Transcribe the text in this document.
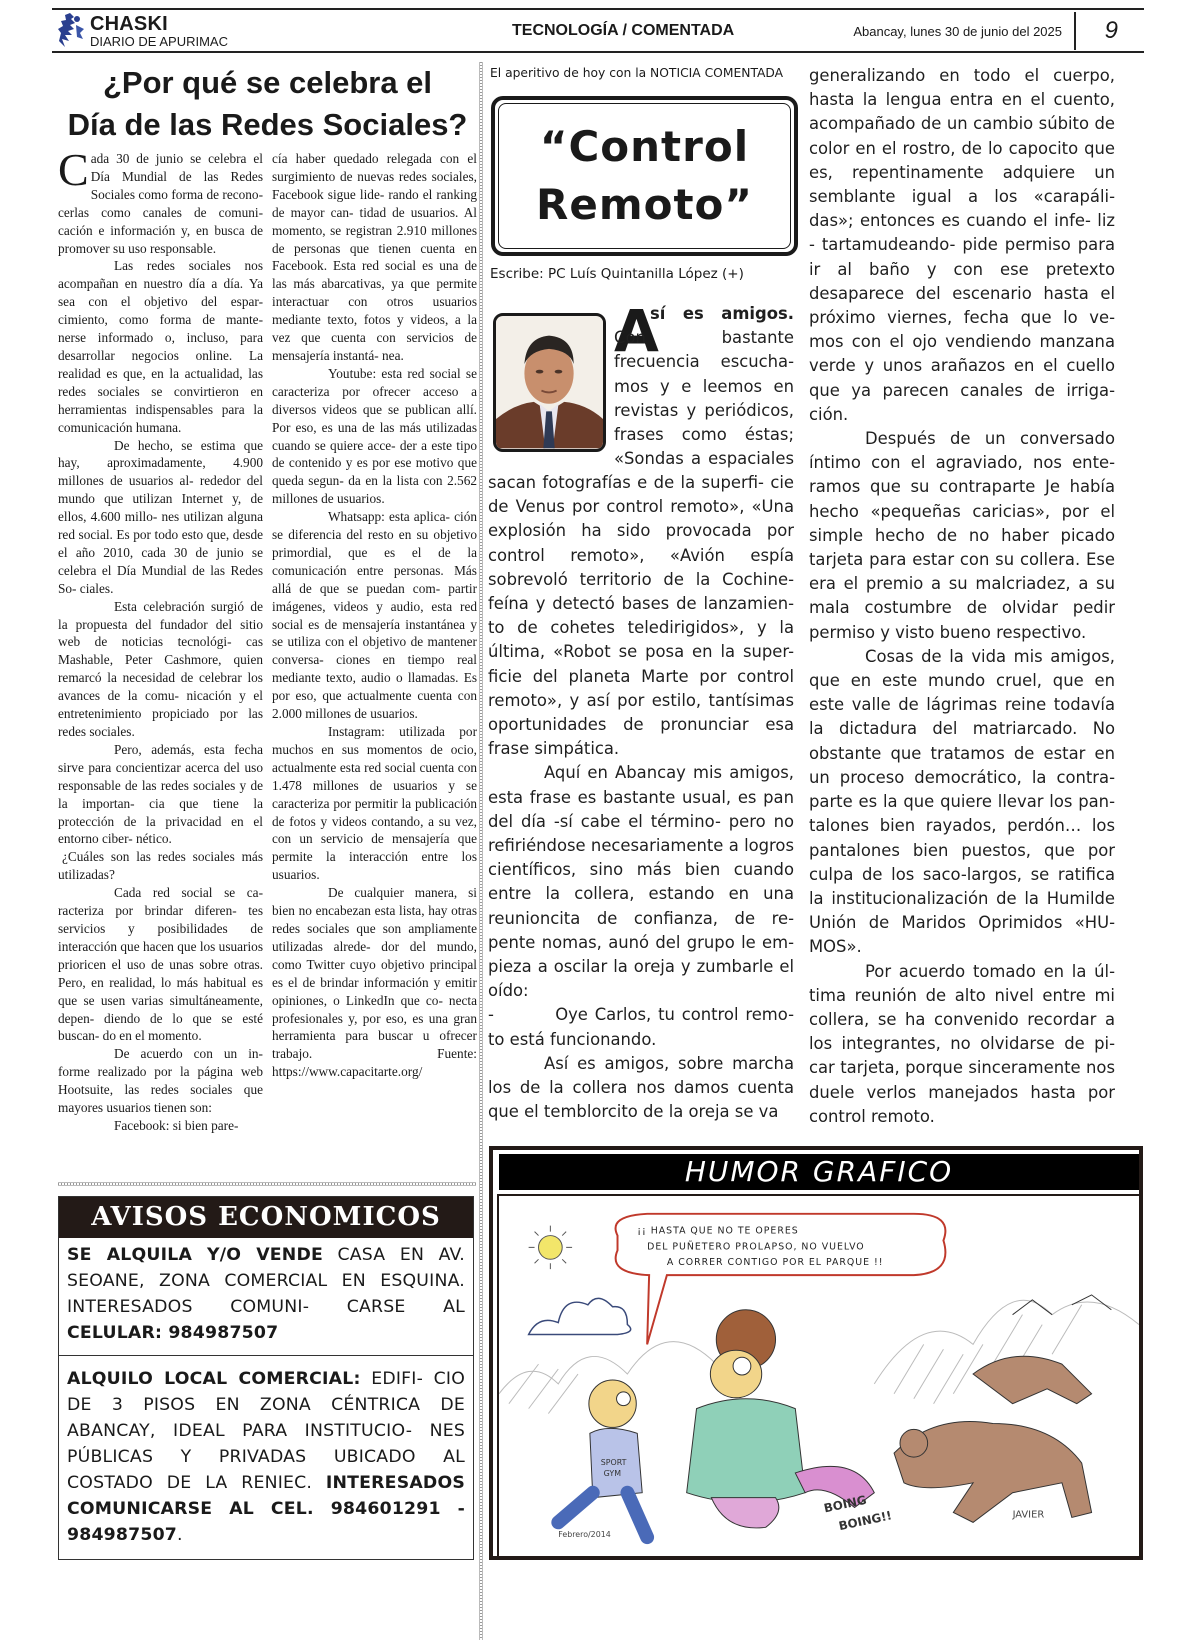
CHASKI
DIARIO DE APURIMAC
TECNOLOGÍA / COMENTADA	Abancay, lunes 30 de junio del 2025 9
¿Por qué se celebra el
Día de las Redes Sociales?

Cada 30 de junio se celebra el Día Mundial de las Redes Sociales como forma de recono- cerlas como canales de comuni- cación e información y, en busca de promover su uso responsable.

Las redes sociales nos acompañan en nuestro día a día. Ya sea con el objetivo del espar- cimiento, como forma de mante- nerse informado o, incluso, para desarrollar negocios online. La realidad es que, en la actualidad, las redes sociales se convirtieron en herramientas indispensables para la comunicación humana.

De hecho, se estima que hay, aproximadamente, 4.900 millones de usuarios al- rededor del mundo que utilizan Internet y, de ellos, 4.600 millo- nes utilizan alguna red social. Es por todo esto que, desde el año 2010, cada 30 de junio se celebra el Día Mundial de las Redes So- ciales.

Esta celebración surgió de la propuesta del fundador del sitio web de noticias tecnológi- cas Mashable, Peter Cashmore, quien remarcó la necesidad de celebrar los avances de la comu- nicación y el entretenimiento propiciado por las redes sociales.

Pero, además, esta fecha sirve para concientizar acerca del uso responsable de las redes sociales y de la importan- cia que tiene la protección de la privacidad en el entorno ciber- nético.

¿Cuáles son las redes sociales más utilizadas?

Cada red social se ca- racteriza por brindar diferen- tes servicios y posibilidades de interacción que hacen que los usuarios prioricen el uso de unas sobre otras. Pero, en realidad, lo más habitual es que se usen varias simultáneamente, depen- diendo de lo que se esté buscan- do en el momento.

De acuerdo con un in- forme realizado por la página web Hootsuite, las redes sociales que mayores usuarios tienen son:

Facebook: si bien pare-

cía haber quedado relegada con el surgimiento de nuevas redes sociales, Facebook sigue lide- rando el ranking de mayor can- tidad de usuarios. Al momento, se registran 2.910 millones de personas que tienen cuenta en Facebook. Esta red social es una de las más abarcativas, ya que permite interactuar con otros usuarios mediante texto, fotos y videos, a la vez que cuenta con servicios de mensajería instantá- nea.

Youtube: esta red social se caracteriza por ofrecer acceso a diversos videos que se publican allí. Por eso, es una de las más utilizadas cuando se quiere acce- der a este tipo de contenido y es por ese motivo que queda segun- da en la lista con 2.562 millones de usuarios.

Whatsapp: esta aplica- ción se diferencia del resto en su objetivo primordial, que es el de la comunicación entre personas. Más allá de que se puedan com- partir imágenes, videos y audio, esta red social es de mensajería instantánea y se utiliza con el objetivo de mantener conversa- ciones en tiempo real mediante texto, audio o llamadas. Es por eso, que actualmente cuenta con 2.000 millones de usuarios.

Instagram: utilizada por muchos en sus momentos de ocio, actualmente esta red social cuenta con 1.478 millones de usuarios y se caracteriza por permitir la publicación de fotos y videos contando, a su vez, con un servicio de mensajería que permite la interacción entre los usuarios.

De cualquier manera, si bien no encabezan esta lista, hay otras redes sociales que son ampliamente utilizadas alrede- dor del mundo, como Twitter cuyo objetivo principal es el de brindar información y emitir opiniones, o LinkedIn que co- necta profesionales y, por eso, es una gran herramienta para buscar u ofrecer trabajo. Fuente: https://www.capacitarte.org/

El aperitivo de hoy con la NOTICIA COMENTADA
“Control
Remoto”
Escribe: PC Luís Quintanilla López (+)
A
sí es amigos.
Con bastante
frecuencia escucha-
mos y e leemos en
revistas y periódicos,
frases como éstas;
«Sondas a espaciales

sacan fotografías e de la superfi- cie de Venus por control remoto», «Una explosión ha sido provocada por control remoto», «Avión espía sobrevoló territorio de la Cochine- feína y detectó bases de lanzamien- to de cohetes teledirigidos», y la última, «Robot se posa en la super- ficie del planeta Marte por control remoto», y así por estilo, tantísimas oportunidades de pronunciar esa frase simpática.

Aquí en Abancay mis amigos, esta frase es bastante usual, es pan del día -sí cabe el término- pero no refiriéndose necesariamente a logros científicos, sino más bien cuando entre la collera, estando en una reunioncita de confianza, de re- pente nomas, aunó del grupo le em- pieza a oscilar la oreja y zumbarle el oído:

-         Oye Carlos, tu control remo- to está funcionando.

Así es amigos, sobre marcha los de la collera nos damos cuenta que el temblorcito de la oreja se va

generalizando en todo el cuerpo, hasta la lengua entra en el cuento, acompañado de un cambio súbito de color en el rostro, de lo capocito que es, repentinamente adquiere un semblante igual a los «carapáli- das»; entonces es cuando el infe- liz - tartamudeando- pide permiso para ir al baño y con ese pretexto desaparece del escenario hasta el próximo viernes, fecha que lo ve- mos con el ojo vendiendo manzana verde y unos arañazos en el cuello que ya parecen canales de irriga- ción.

Después de un conversado íntimo con el agraviado, nos ente- ramos que su contraparte Je había hecho «pequeñas caricias», por el simple hecho de no haber picado tarjeta para estar con su collera. Ese era el premio a su malcriadez, a su mala costumbre de olvidar pedir permiso y visto bueno respectivo.

Cosas de la vida mis amigos, que en este mundo cruel, que en este valle de lágrimas reine todavía la dictadura del matriarcado. No obstante que tratamos de estar en un proceso democrático, la contra- parte es la que quiere llevar los pan- talones bien rayados, perdón… los pantalones bien puestos, que por culpa de los saco-largos, se ratifica la institucionalización de la Humilde Unión de Maridos Oprimidos «HU- MOS».

Por acuerdo tomado en la úl- tima reunión de alto nivel entre mi collera, se ha convenido recordar a los integrantes, no olvidarse de pi- car tarjeta, porque sinceramente nos duele verlos manejados hasta por control remoto.

AVISOS ECONOMICOS
SE ALQUILA Y/O VENDE CASA EN AV. SEOANE, ZONA COMERCIAL EN ESQUINA. INTERESADOS COMUNI- CARSE AL CELULAR: 984987507
ALQUILO LOCAL COMERCIAL: EDIFI- CIO DE 3 PISOS EN ZONA CÉNTRICA DE ABANCAY, IDEAL PARA INSTITUCIO- NES PÚBLICAS Y PRIVADAS UBICADO AL COSTADO DE LA RENIEC. INTERESADOS COMUNICARSE AL CEL. 984601291 - 984987507.
HUMOR GRAFICO
¡¡ HASTA QUE NO TE OPERES
DEL PUÑETERO PROLAPSO, NO VUELVO
A CORRER CONTIGO POR EL PARQUE !!
SPORT
GYM
BOING
BOING!!
Febrero/2014
JAVIER
